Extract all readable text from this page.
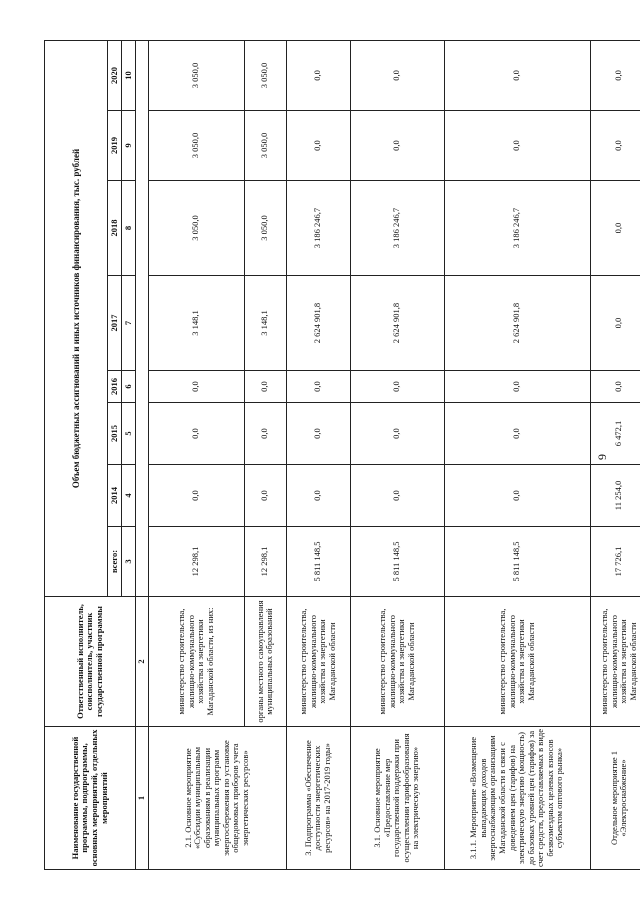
9
Наименование государственной программы, подпрограммы, основных мероприятий, отдельных мероприятий	Ответственный исполнитель, соисполнитель, участник государственной программы	Объем бюджетных ассигнований и иных источников финансирования, тыс. рублей							
		всего:	2014	2015	2016	2017	2018	2019	2020
		3	4	5	6	7	8	9	10
1	2								
2.1. Основное мероприятие «Субсидии муниципальным образованиям в реализации муниципальных программ энергосбережения по установке общедомовых приборов учета энергетических ресурсов»	министерство строительства, жилищно-коммунального хозяйства и энергетики Магаданской области, из них:	12 298,1	0,0	0,0	0,0	3 148,1	3 050,0	3 050,0	3 050,0
	органы местного самоуправления муниципальных образований	12 298,1	0,0	0,0	0,0	3 148,1	3 050,0	3 050,0	3 050,0
3. Подпрограмма «Обеспечение доступности энергетических ресурсов» на 2017-2019 годы»	министерство строительства, жилищно-коммунального хозяйства и энергетики Магаданской области	5 811 148,5	0,0	0,0	0,0	2 624 901,8	3 186 246,7	0,0	0,0
3.1. Основное мероприятие «Предоставление мер государственной поддержки при осуществлении тарифообразования на электрическую энергию»	министерство строительства, жилищно-коммунального хозяйства и энергетики Магаданской области	5 811 148,5	0,0	0,0	0,0	2 624 901,8	3 186 246,7	0,0	0,0
3.1.1. Мероприятие «Возмещение выпадающих доходов энергоснабжающим организациям Магаданской области в связи с доведением цен (тарифов) на электрическую энергию (мощность) до базовых уровней цен (тарифов) за счет средств, предоставляемых в виде безвозмездных целевых взносов субъектом оптового рынка»	министерство строительства, жилищно-коммунального хозяйства и энергетики Магаданской области	5 811 148,5	0,0	0,0	0,0	2 624 901,8	3 186 246,7	0,0	0,0
Отдельное мероприятие 1 «Электроснабжение»	министерство строительства, жилищно-коммунального хозяйства и энергетики Магаданской области	17 726,1	11 254,0	6 472,1	0,0	0,0	0,0	0,0	0,0
